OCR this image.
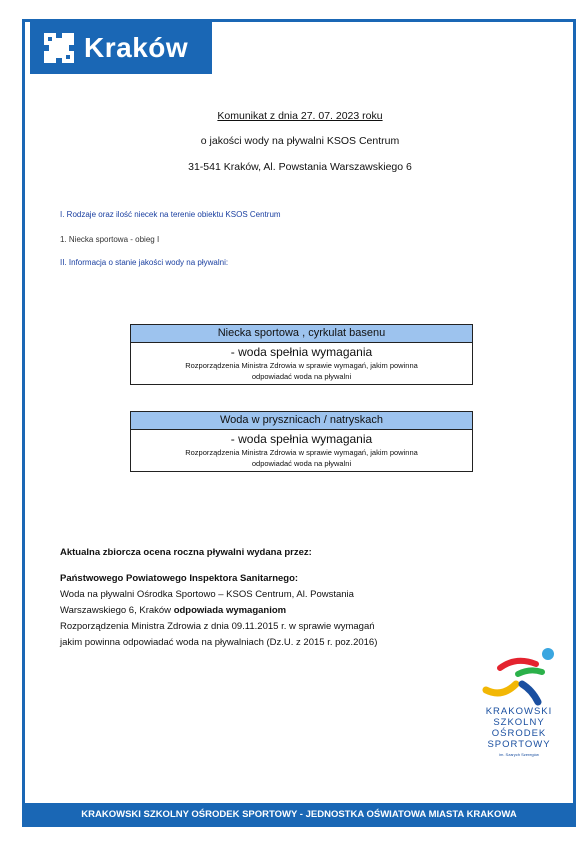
Kraków
Komunikat z dnia 27. 07. 2023 roku
o jakości wody na pływalni KSOS Centrum
31-541 Kraków, Al. Powstania Warszawskiego 6
I. Rodzaje oraz ilość niecek na terenie obiektu KSOS Centrum
1. Niecka sportowa - obieg I
II. Informacja o stanie jakości wody na pływalni:
Niecka sportowa , cyrkulat basenu
- woda spełnia wymagania
Rozporządzenia Ministra Zdrowia w sprawie wymagań, jakim powinna
odpowiadać woda na pływalni
Woda w prysznicach / natryskach
- woda spełnia wymagania
Rozporządzenia Ministra Zdrowia w sprawie wymagań, jakim powinna
odpowiadać woda na pływalni
Aktualna zbiorcza ocena roczna pływalni wydana przez:
Państwowego Powiatowego Inspektora Sanitarnego:
Woda na pływalni Ośrodka Sportowo – KSOS Centrum, Al. Powstania
Warszawskiego 6, Kraków odpowiada wymaganiom
Rozporządzenia Ministra Zdrowia z dnia 09.11.2015 r. w sprawie wymagań
jakim powinna odpowiadać woda na pływalniach (Dz.U. z 2015 r. poz.2016)
KRAKOWSKI
SZKOLNY
OŚRODEK
SPORTOWY
im. Szarych Szeregów
KRAKOWSKI SZKOLNY OŚRODEK SPORTOWY - JEDNOSTKA OŚWIATOWA MIASTA KRAKOWA
